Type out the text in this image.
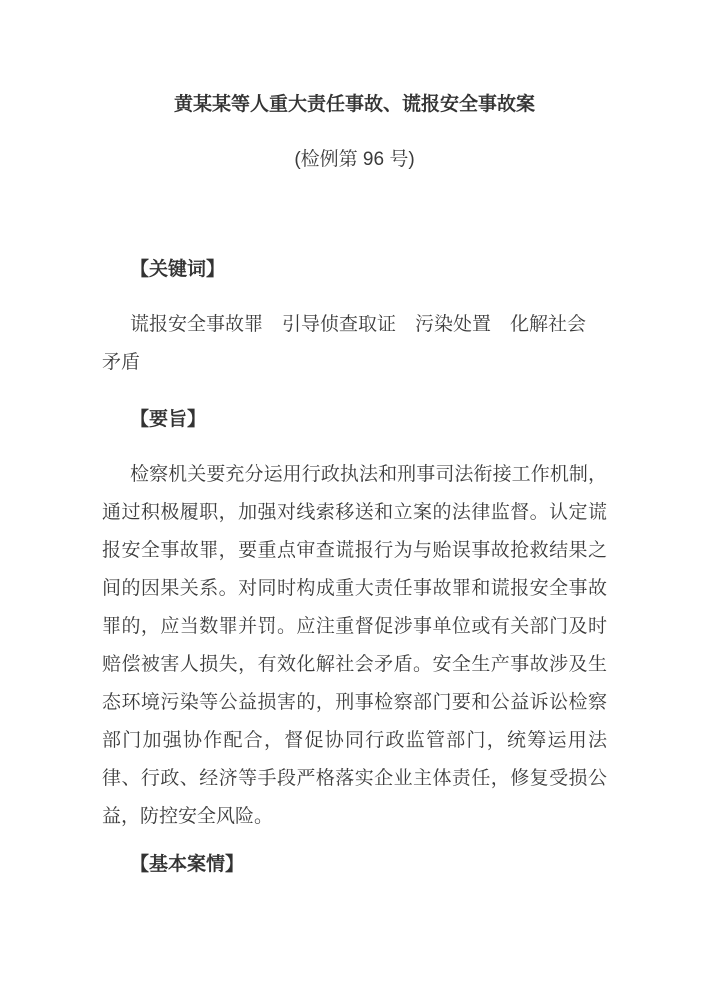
黄某某等人重大责任事故、谎报安全事故案
(检例第 96 号)
【关键词】

谎报安全事故罪　引导侦查取证　污染处置　化解社会矛盾

【要旨】

检察机关要充分运用行政执法和刑事司法衔接工作机制，通过积极履职，加强对线索移送和立案的法律监督。认定谎报安全事故罪，要重点审查谎报行为与贻误事故抢救结果之间的因果关系。对同时构成重大责任事故罪和谎报安全事故罪的，应当数罪并罚。应注重督促涉事单位或有关部门及时赔偿被害人损失，有效化解社会矛盾。安全生产事故涉及生态环境污染等公益损害的，刑事检察部门要和公益诉讼检察部门加强协作配合，督促协同行政监管部门，统筹运用法律、行政、经济等手段严格落实企业主体责任，修复受损公益，防控安全风险。

【基本案情】
